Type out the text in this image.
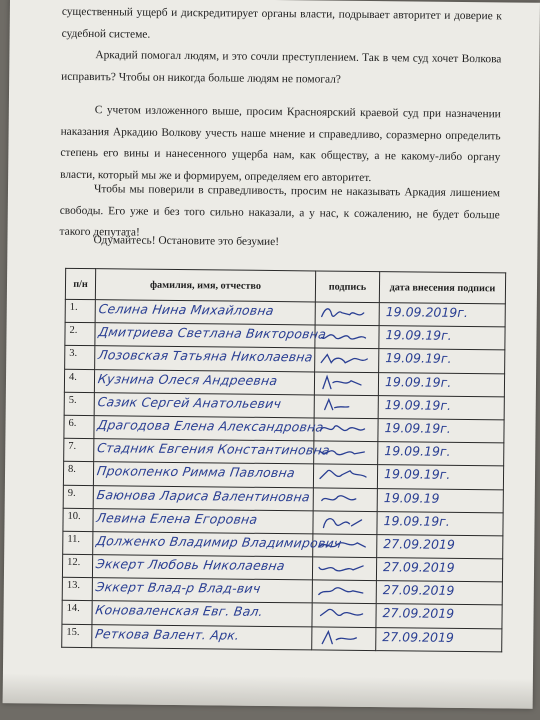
существенный ущерб и дискредитирует органы власти, подрывает авторитет и доверие к судебной системе.

Аркадий помогал людям, и это сочли преступлением. Так в чем суд хочет Волкова исправить? Чтобы он никогда больше людям не помогал?

С учетом изложенного выше, просим Красноярский краевой суд при назначении наказания Аркадию Волкову учесть наше мнение и справедливо, соразмерно определить степень его вины и нанесенного ущерба нам, как обществу, а не какому-либо органу власти, который мы же и формируем, определяем его авторитет.

Чтобы мы поверили в справедливость, просим не наказывать Аркадия лишением свободы. Его уже и без того сильно наказали, а у нас, к сожалению, не будет больше такого депутата!

Одумайтесь! Остановите это безумие!

п/н	фамилия, имя, отчество	подпись	дата внесения подписи
1.	Селина Нина Михайловна		19.09.2019г.

2.	Дмитриева Светлана Викторовна		19.09.19г.

3.	Лозовская Татьяна Николаевна		19.09.19г.

4.	Кузнина Олеся Андреевна		19.09.19г.

5.	Сазик Сергей Анатольевич		19.09.19г.

6.	Драгодова Елена Александровна		19.09.19г.

7.	Стадник Евгения Константиновна		19.09.19г.

8.	Прокопенко Римма Павловна		19.09.19г.

9.	Баюнова Лариса Валентиновна		19.09.19

10.	Левина Елена Егоровна		19.09.19г.

11.	Долженко Владимир Владимирович		27.09.2019

12.	Эккерт Любовь Николаевна		27.09.2019

13.	Эккерт Влад-р Влад-вич		27.09.2019

14.	Коноваленская Евг. Вал.		27.09.2019

15.	Реткова Валент. Арк.		27.09.2019
